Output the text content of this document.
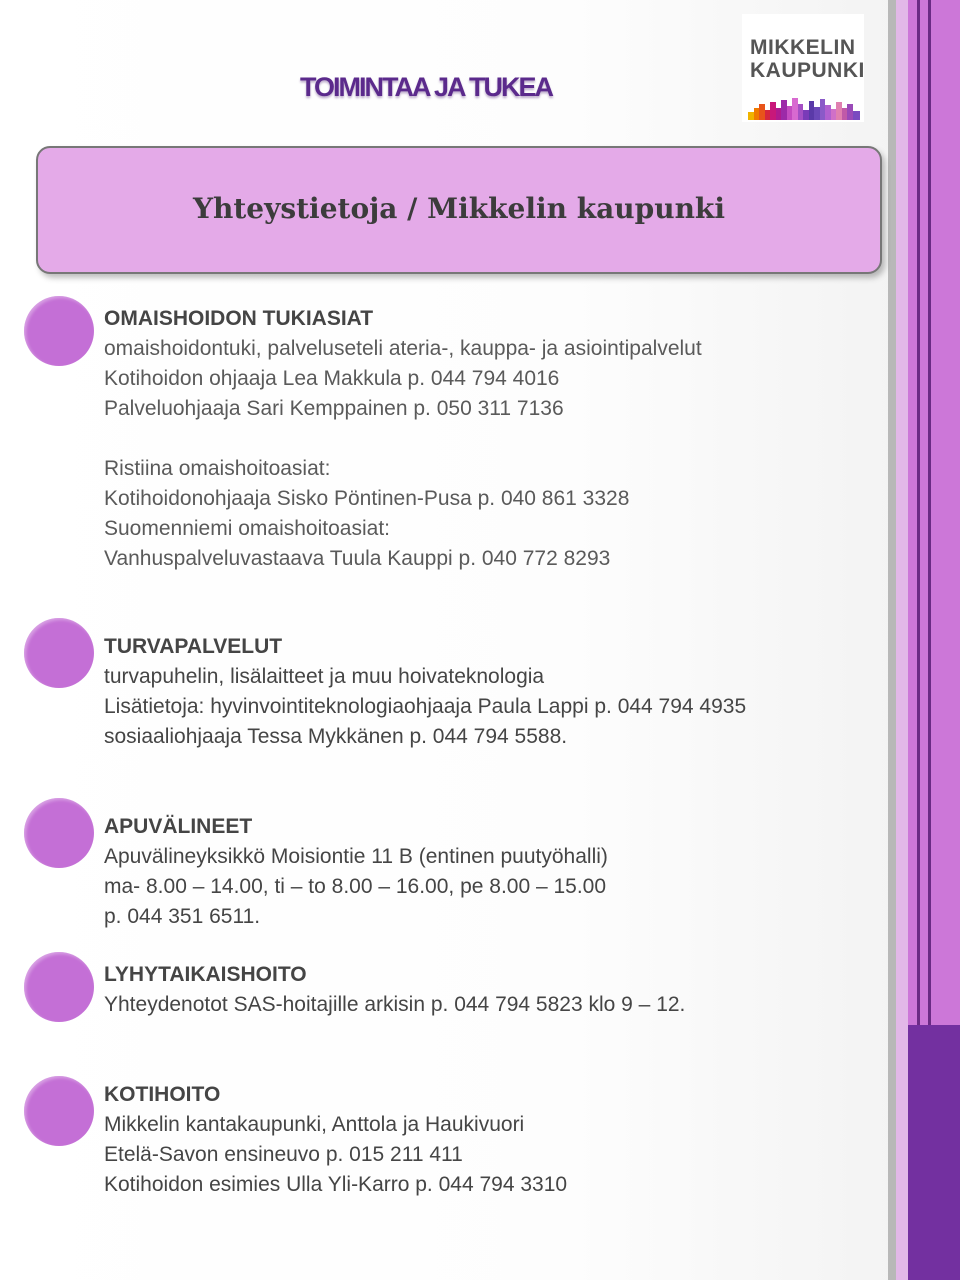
MIKKELIN
KAUPUNKI
TOIMINTAA JA TUKEA
Yhteystietoja / Mikkelin kaupunki
OMAISHOIDON TUKIASIAT

omaishoidontuki, palveluseteli ateria-, kauppa- ja asiointipalvelut

Kotihoidon ohjaaja Lea Makkula p. 044 794 4016

Palveluohjaaja Sari Kemppainen p. 050 311 7136

Ristiina omaishoitoasiat:

Kotihoidonohjaaja Sisko Pöntinen-Pusa p. 040 861 3328

Suomenniemi omaishoitoasiat:

Vanhuspalveluvastaava Tuula Kauppi p. 040 772 8293

TURVAPALVELUT

turvapuhelin, lisälaitteet ja muu hoivateknologia

Lisätietoja: hyvinvointiteknologiaohjaaja Paula Lappi p. 044 794 4935

sosiaaliohjaaja Tessa Mykkänen p. 044 794 5588.

APUVÄLINEET

Apuvälineyksikkö Moisiontie 11 B (entinen puutyöhalli)

ma- 8.00 – 14.00, ti – to 8.00 – 16.00, pe 8.00 – 15.00

p. 044 351 6511.

LYHYTAIKAISHOITO

Yhteydenotot SAS-hoitajille arkisin p. 044 794 5823 klo 9 – 12.

KOTIHOITO

Mikkelin kantakaupunki, Anttola ja Haukivuori

Etelä-Savon ensineuvo p. 015 211 411

Kotihoidon esimies Ulla Yli-Karro p. 044 794 3310
